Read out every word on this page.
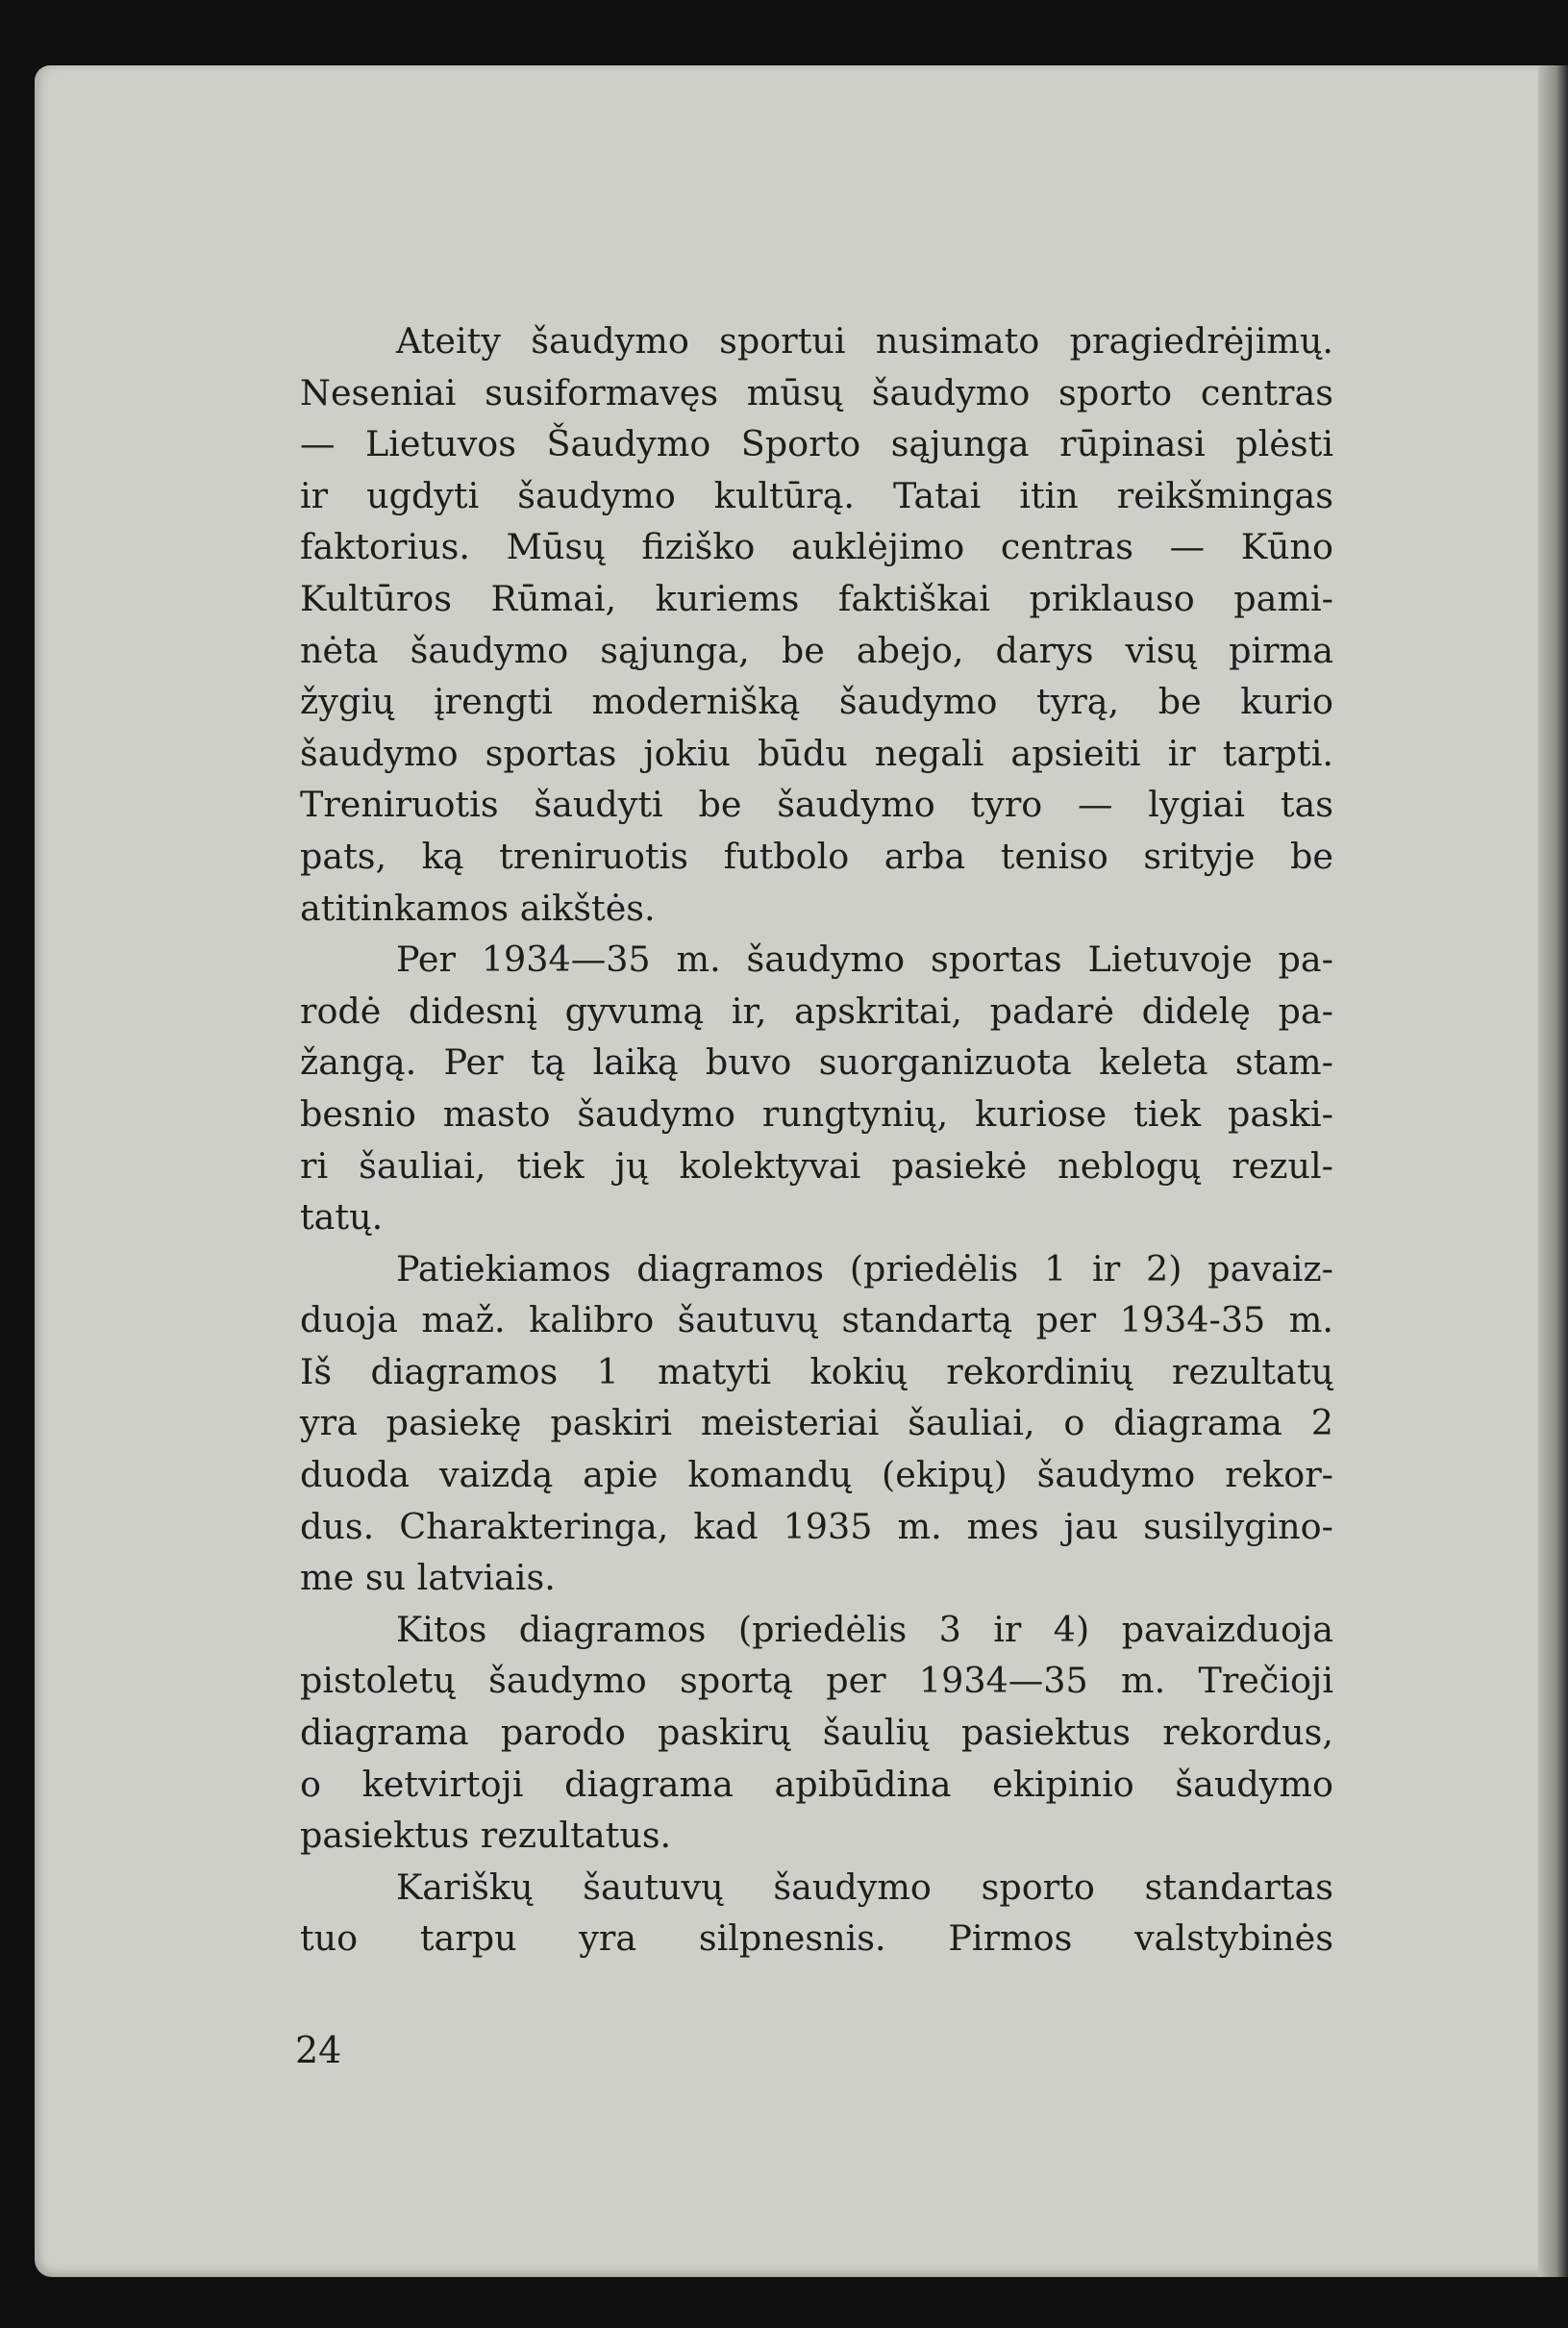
Ateity šaudymo sportui nusimato pragiedrėjimų.
Neseniai susiformavęs mūsų šaudymo sporto centras
— Lietuvos Šaudymo Sporto sąjunga rūpinasi plėsti
ir ugdyti šaudymo kultūrą. Tatai itin reikšmingas
faktorius. Mūsų fiziško auklėjimo centras — Kūno
Kultūros Rūmai, kuriems faktiškai priklauso pami-
nėta šaudymo sąjunga, be abejo, darys visų pirma
žygių įrengti modernišką šaudymo tyrą, be kurio
šaudymo sportas jokiu būdu negali apsieiti ir tarpti.
Treniruotis šaudyti be šaudymo tyro — lygiai tas
pats, ką treniruotis futbolo arba teniso srityje be
atitinkamos aikštės.
Per 1934—35 m. šaudymo sportas Lietuvoje pa-
rodė didesnį gyvumą ir, apskritai, padarė didelę pa-
žangą. Per tą laiką buvo suorganizuota keleta stam-
besnio masto šaudymo rungtynių, kuriose tiek paski-
ri šauliai, tiek jų kolektyvai pasiekė neblogų rezul-
tatų.
Patiekiamos diagramos (priedėlis 1 ir 2) pavaiz-
duoja maž. kalibro šautuvų standartą per 1934-35 m.
Iš diagramos 1 matyti kokių rekordinių rezultatų
yra pasiekę paskiri meisteriai šauliai, o diagrama 2
duoda vaizdą apie komandų (ekipų) šaudymo rekor-
dus. Charakteringa, kad 1935 m. mes jau susilygino-
me su latviais.
Kitos diagramos (priedėlis 3 ir 4) pavaizduoja
pistoletų šaudymo sportą per 1934—35 m. Trečioji
diagrama parodo paskirų šaulių pasiektus rekordus,
o ketvirtoji diagrama apibūdina ekipinio šaudymo
pasiektus rezultatus.
Kariškų šautuvų šaudymo sporto standartas
tuo tarpu yra silpnesnis. Pirmos valstybinės
24
